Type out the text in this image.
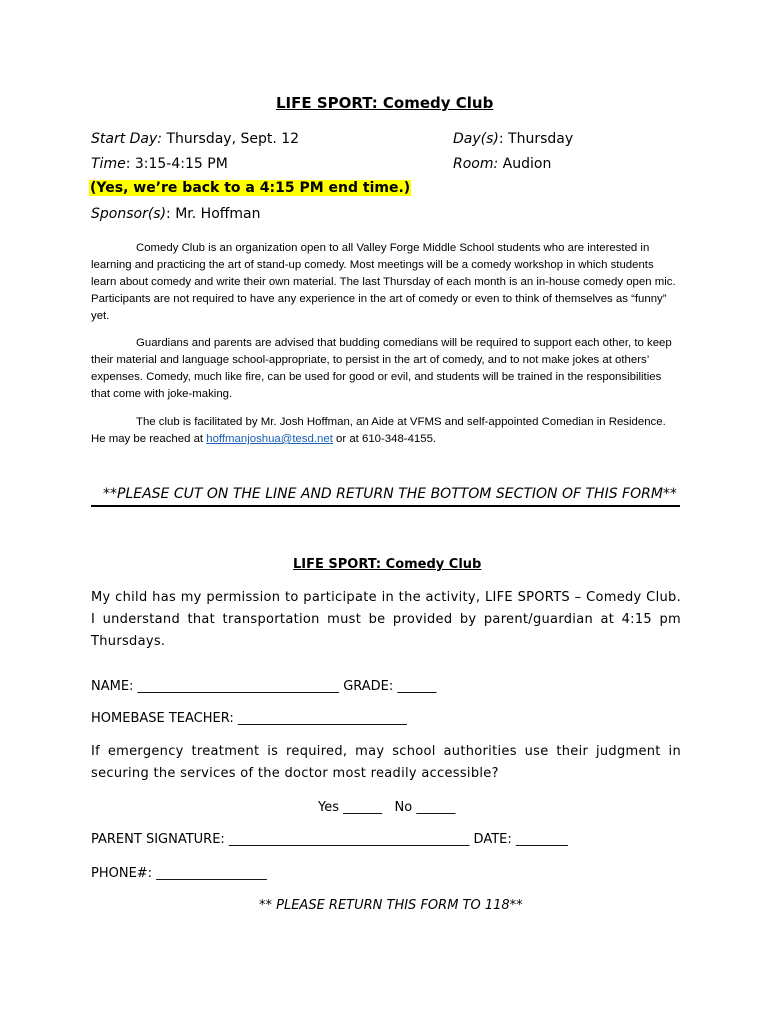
LIFE SPORT: Comedy Club
Start Day: Thursday, Sept. 12	Day(s): Thursday
Time: 3:15-4:15 PM	Room: Audion
(Yes, we’re back to a 4:15 PM end time.)
Sponsor(s): Mr. Hoffman
Comedy Club is an organization open to all Valley Forge Middle School students who are interested in learning and practicing the art of stand-up comedy. Most meetings will be a comedy workshop in which students learn about comedy and write their own material. The last Thursday of each month is an in-house comedy open mic. Participants are not required to have any experience in the art of comedy or even to think of themselves as “funny” yet.
Guardians and parents are advised that budding comedians will be required to support each other, to keep their material and language school-appropriate, to persist in the art of comedy, and to not make jokes at others’ expenses. Comedy, much like fire, can be used for good or evil, and students will be trained in the responsibilities that come with joke-making.
The club is facilitated by Mr. Josh Hoffman, an Aide at VFMS and self-appointed Comedian in Residence. He may be reached at hoffmanjoshua@tesd.net or at 610-348-4155.
**PLEASE CUT ON THE LINE AND RETURN THE BOTTOM SECTION OF THIS FORM**
LIFE SPORT: Comedy Club
My child has my permission to participate in the activity, LIFE SPORTS – Comedy Club. I understand that transportation must be provided by parent/guardian at 4:15 pm Thursdays.
NAME: _______________________________ GRADE: ______
HOMEBASE TEACHER: __________________________
If emergency treatment is required, may school authorities use their judgment in securing the services of the doctor most readily accessible?
Yes ______   No ______
PARENT SIGNATURE: _____________________________________ DATE: ________
PHONE#: _________________
** PLEASE RETURN THIS FORM TO 118**
